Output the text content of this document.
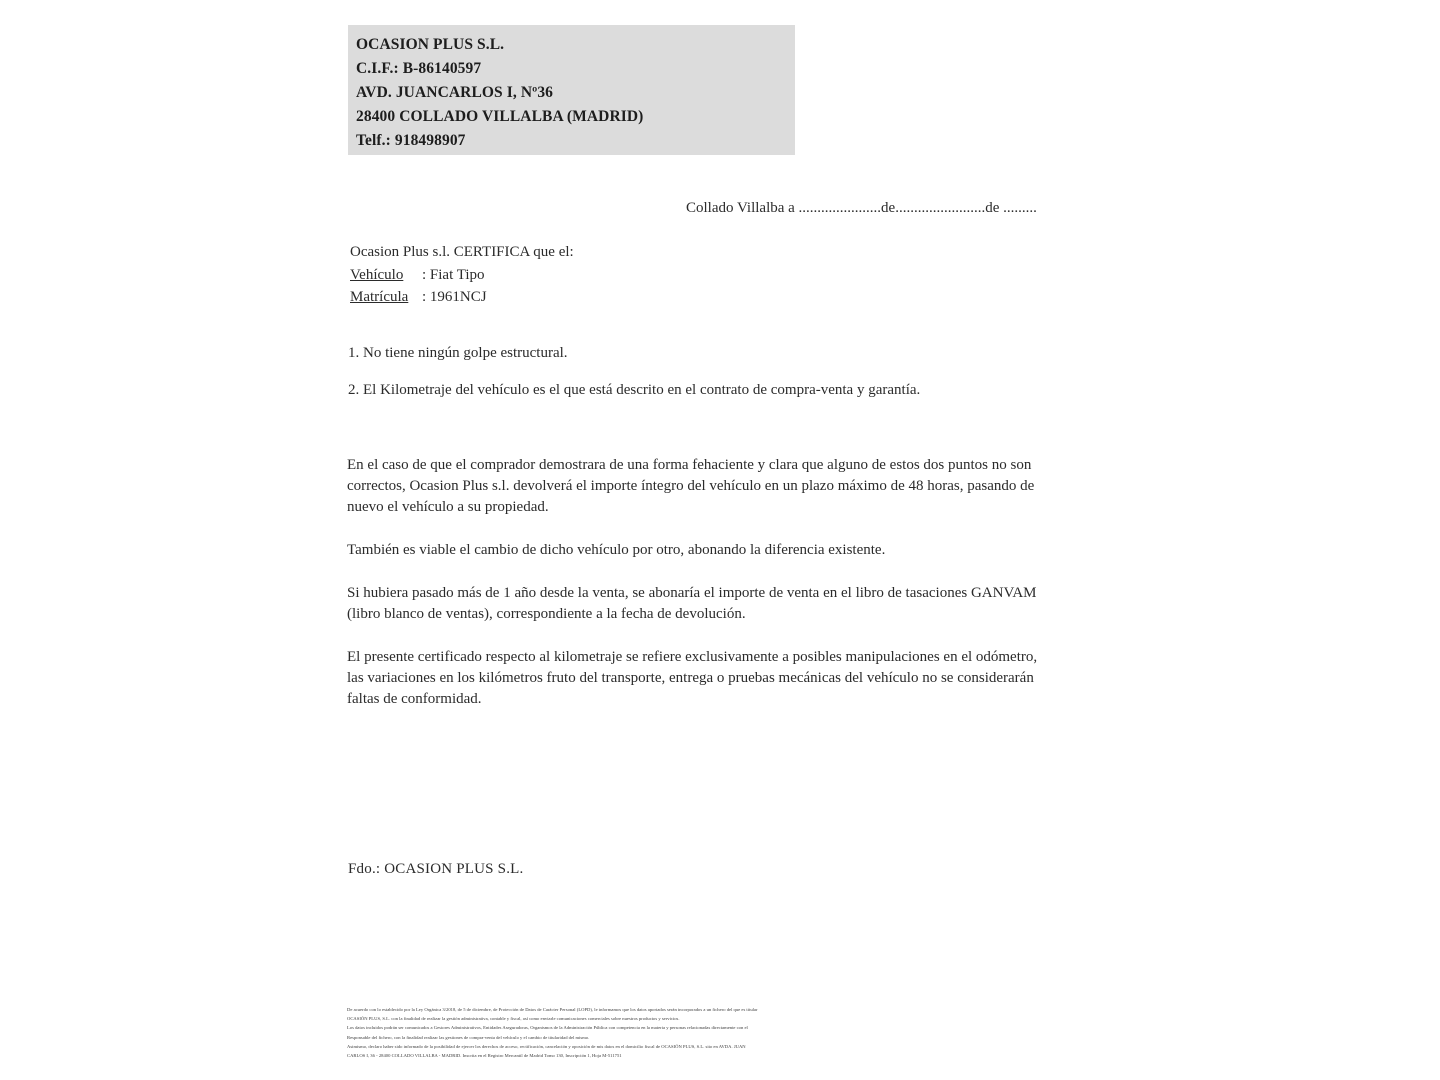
OCASION PLUS S.L.
C.I.F.: B-86140597
AVD. JUANCARLOS I, Nº36
28400 COLLADO VILLALBA (MADRID)
Telf.: 918498907
Collado Villalba a ......................de........................de .........
Ocasion Plus s.l. CERTIFICA que el:
Vehículo : Fiat Tipo
Matrícula : 1961NCJ
1. No tiene ningún golpe estructural.
2. El Kilometraje del vehículo es el que está descrito en el contrato de compra-venta y garantía.

En el caso de que el comprador demostrara de una forma fehaciente y clara que alguno de estos dos puntos no son correctos, Ocasion Plus s.l. devolverá el importe íntegro del vehículo en un plazo máximo de 48 horas, pasando de nuevo el vehículo a su propiedad.

También es viable el cambio de dicho vehículo por otro, abonando la diferencia existente.

Si hubiera pasado más de 1 año desde la venta, se abonaría el importe de venta en el libro de tasaciones GANVAM (libro blanco de ventas), correspondiente a la fecha de devolución.

El presente certificado respecto al kilometraje se refiere exclusivamente a posibles manipulaciones en el odómetro, las variaciones en los kilómetros fruto del transporte, entrega o pruebas mecánicas del vehículo no se considerarán faltas de conformidad.

Fdo.: OCASION PLUS S.L.
De acuerdo con lo establecido por la Ley Orgánica 3/2018, de 5 de diciembre, de Protección de Datos de Carácter Personal (LOPD), le informamos que los datos aportados serán incorporados a un fichero del que es titular
OCASIÓN PLUS, S.L. con la finalidad de realizar la gestión administrativa, contable y fiscal, así como enviarle comunicaciones comerciales sobre nuestros productos y servicios.
Los datos incluidos podrán ser comunicados a Gestores Administrativos, Entidades Aseguradoras, Organismos de la Administración Pública con competencia en la materia y personas relacionadas directamente con el
Responsable del fichero, con la finalidad realizar las gestiones de compra-venta del vehículo y el cambio de titularidad del mismo.
Asimismo, declaro haber sido informado de la posibilidad de ejercer los derechos de acceso, rectificación, cancelación y oposición de mis datos en el domicilio fiscal de OCASIÓN PLUS, S.L. sito en AVDA. JUAN
CARLOS I, 36 - 28400 COLLADO VILLALBA - MADRID. Inscrita en el Registro Mercantil de Madrid Tomo 130, Inscripción 1, Hoja M-511751
